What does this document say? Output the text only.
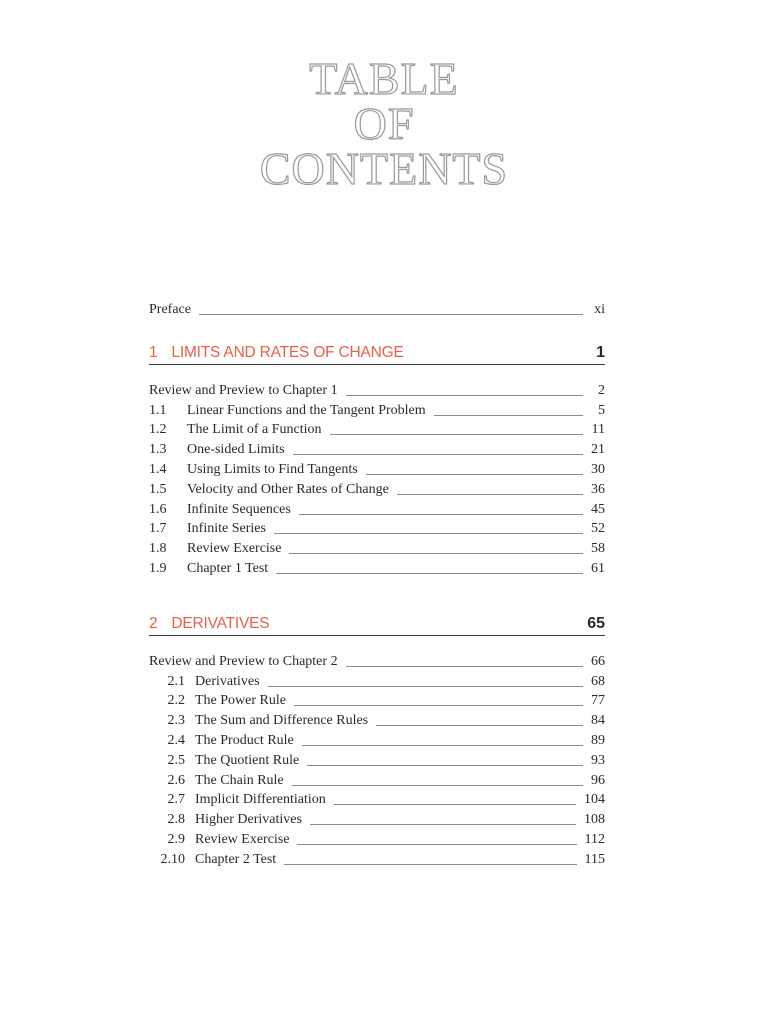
TABLE
OF
CONTENTS
Preface	xi
1 LIMITS AND RATES OF CHANGE	1
Review and Preview to Chapter 1	2
1.1	Linear Functions and the Tangent Problem	5
1.2	The Limit of a Function	11
1.3	One-sided Limits	21
1.4	Using Limits to Find Tangents	30
1.5	Velocity and Other Rates of Change	36
1.6	Infinite Sequences	45
1.7	Infinite Series	52
1.8	Review Exercise	58
1.9	Chapter 1 Test	61
2 DERIVATIVES	65
Review and Preview to Chapter 2	66
2.1 Derivatives	68
2.2 The Power Rule	77
2.3 The Sum and Difference Rules	84
2.4 The Product Rule	89
2.5 The Quotient Rule	93
2.6 The Chain Rule	96
2.7 Implicit Differentiation	104
2.8 Higher Derivatives	108
2.9 Review Exercise	112
2.10 Chapter 2 Test	115
